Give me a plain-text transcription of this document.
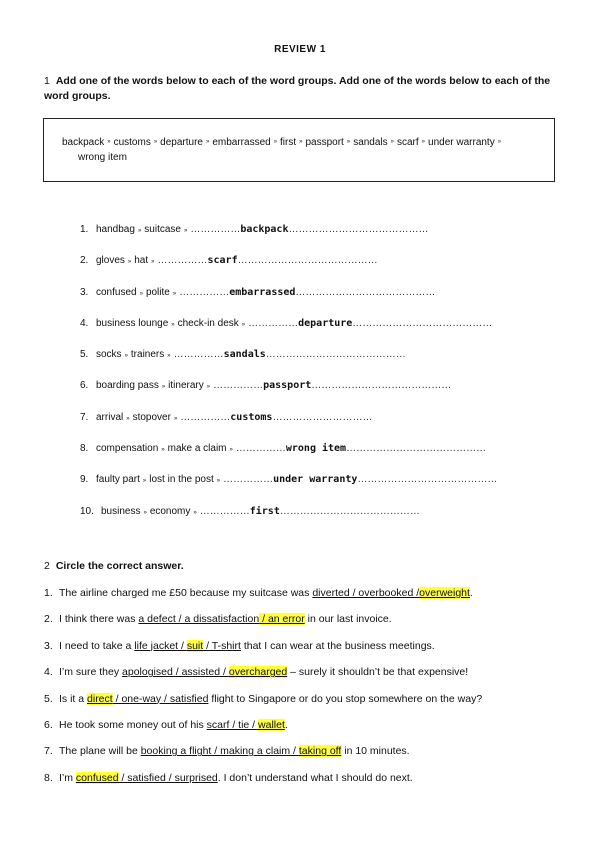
REVIEW 1
1 Add one of the words below to each of the word groups. Add one of the words below to each of the word groups.
backpack » customs » departure » embarrassed » first » passport » sandals » scarf » under warranty »
wrong item
1. handbag » suitcase » …………… backpack ……………………………………
2. gloves » hat » …………… scarf ……………………………………
3. confused » polite » …………… embarrassed ……………………………………
4. business lounge » check-in desk » …………… departure ……………………………………
5. socks » trainers » …………… sandals ……………………………………
6. boarding pass » itinerary » …………… passport ……………………………………
7. arrival » stopover » …………… customs …………………………
8. compensation » make a claim » …………… wrong item ……………………………………
9. faulty part » lost in the post » …………… under warranty ……………………………………
10. business » economy » …………… first ……………………………………
2 Circle the correct answer.
1. The airline charged me £50 because my suitcase was diverted / overbooked /overweight.
2. I think there was a defect / a dissatisfaction / an error in our last invoice.
3. I need to take a life jacket / suit / T-shirt that I can wear at the business meetings.
4. I’m sure they apologised / assisted / overcharged – surely it shouldn’t be that expensive!
5. Is it a direct / one-way / satisfied flight to Singapore or do you stop somewhere on the way?
6. He took some money out of his scarf / tie / wallet.
7. The plane will be booking a flight / making a claim / taking off in 10 minutes.
8. I’m confused / satisfied / surprised. I don’t understand what I should do next.
